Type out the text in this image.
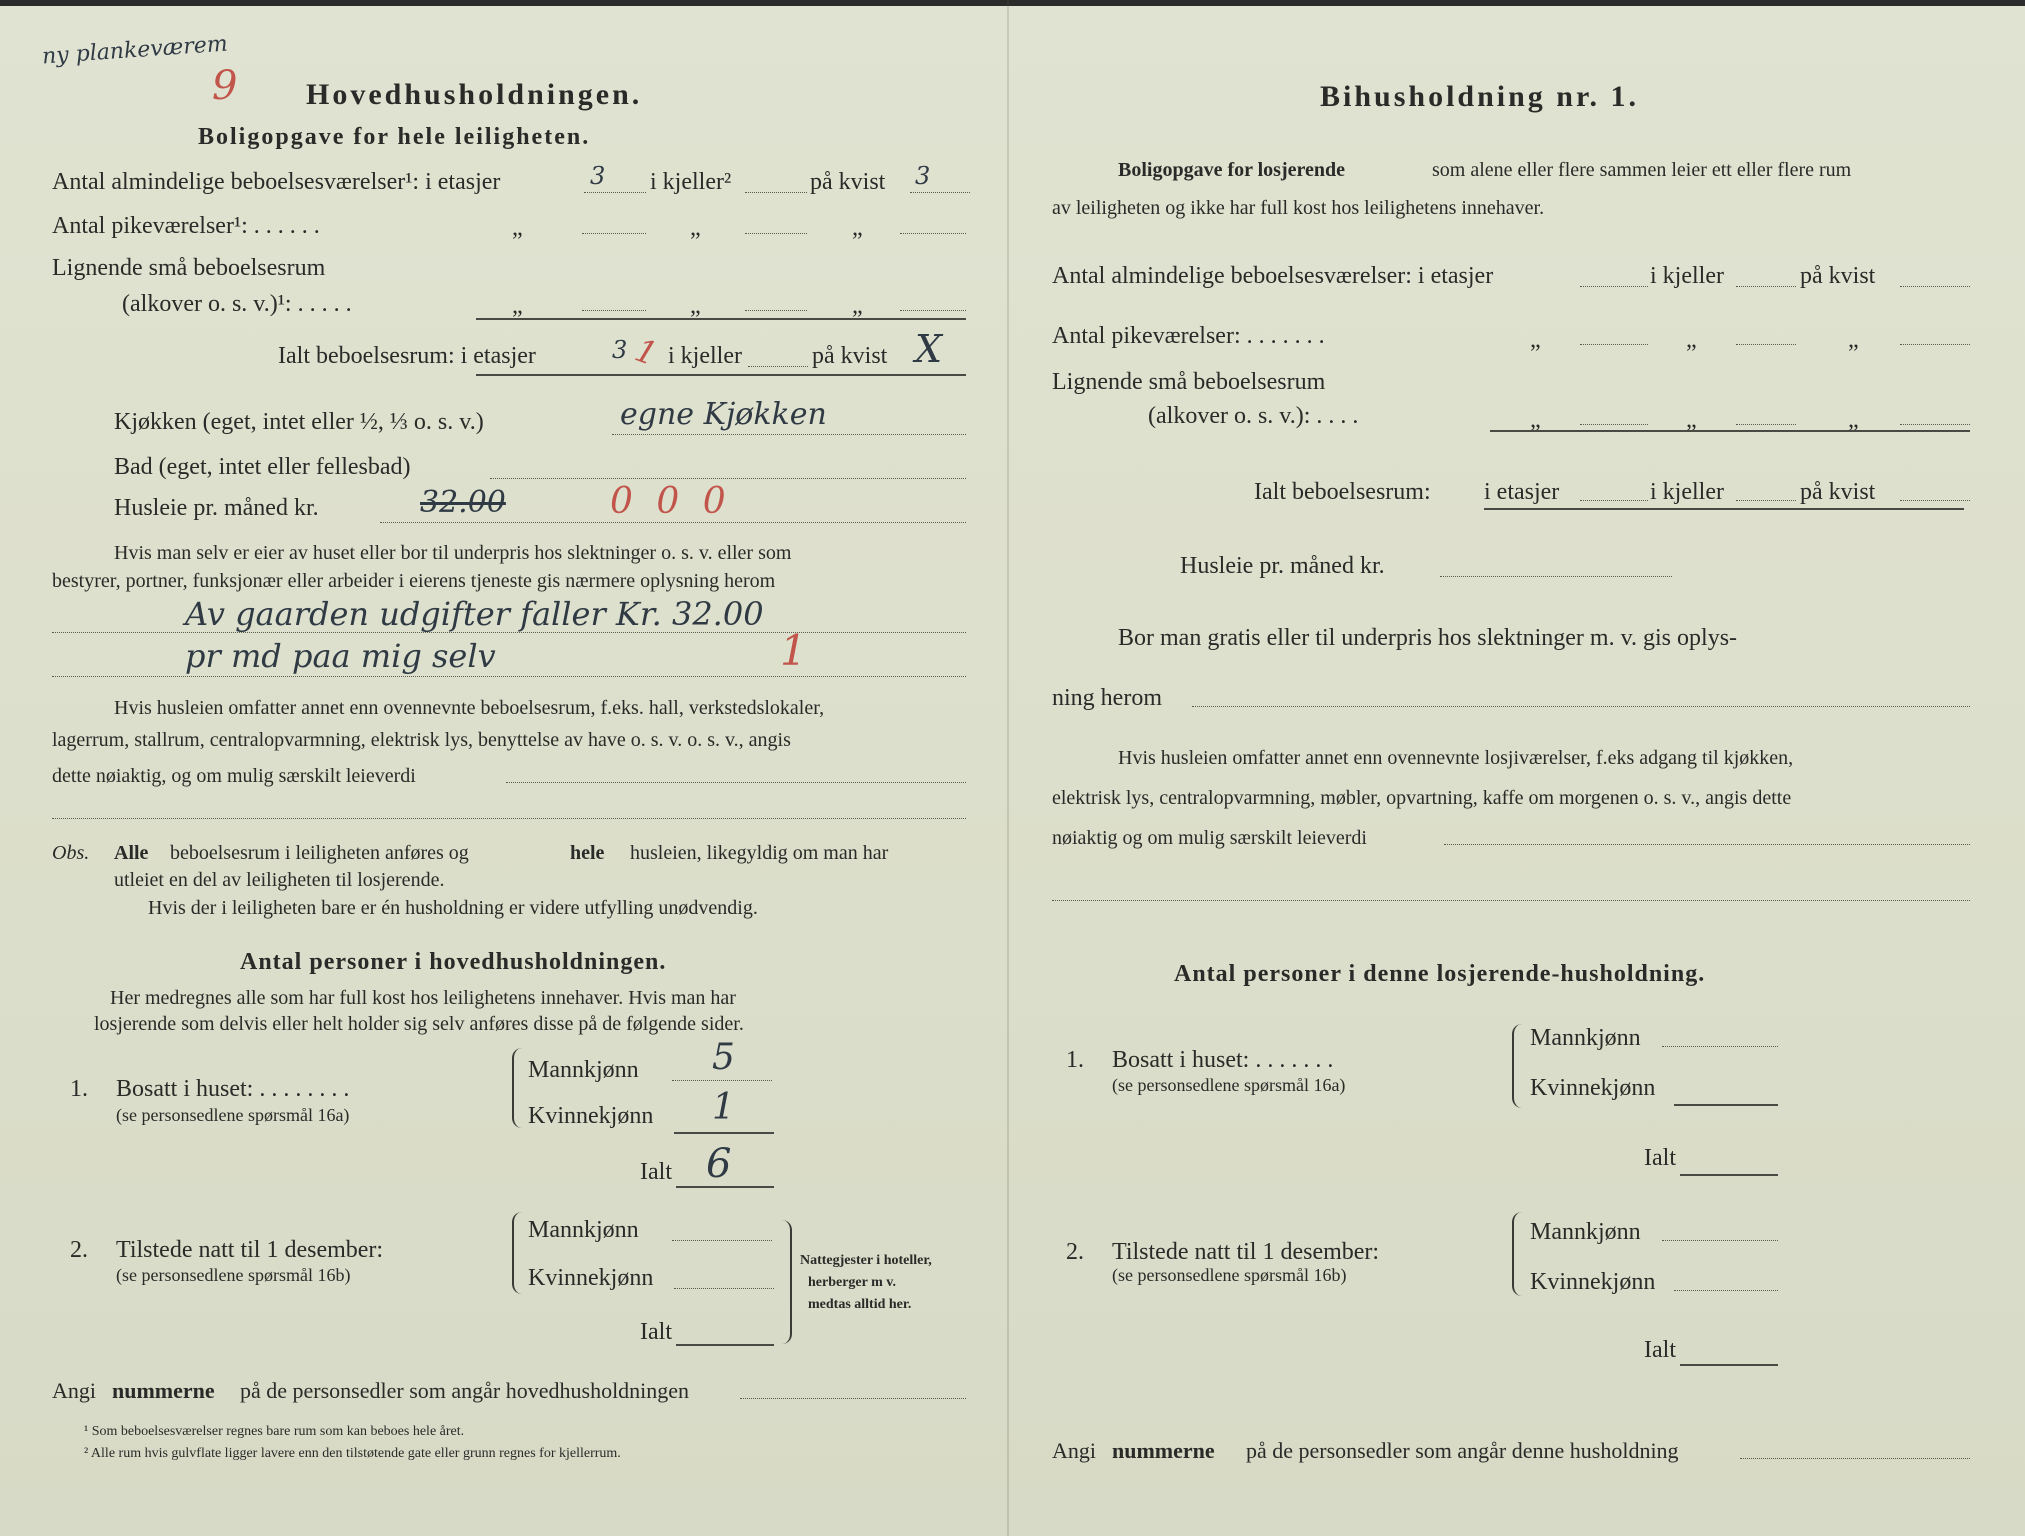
ny plankeværem
9 Hovedhusholdningen.
Boligopgave for hele leiligheten.
Antal almindelige beboelsesværelser¹: i etasjer	3 i kjeller²	på kvist 3
Antal pikeværelser¹: . . . . . .	„	„	„
Lignende små beboelsesrum
(alkover o. s. v.)¹: . . . . .	„	„	„
Ialt beboelsesrum: i etasjer	3 1 i kjeller	på kvist X
Kjøkken (eget, intet eller ½, ⅓ o. s. v.)	egne Kjøkken
Bad (eget, intet eller fellesbad)
Husleie pr. måned kr.	32.00	0 0 0
Hvis man selv er eier av huset eller bor til underpris hos slektninger o. s. v. eller som
bestyrer, portner, funksjonær eller arbeider i eierens tjeneste gis nærmere oplysning herom
Av gaarden udgifter faller Kr. 32.00
pr md paa mig selv	1
Hvis husleien omfatter annet enn ovennevnte beboelsesrum, f.eks. hall, verkstedslokaler,
lagerrum, stallrum, centralopvarmning, elektrisk lys, benyttelse av have o. s. v. o. s. v., angis
dette nøiaktig, og om mulig særskilt leieverdi
Obs. Alle beboelsesrum i leiligheten anføres og	hele husleien, likegyldig om man har
utleiet en del av leiligheten til losjerende.
Hvis der i leiligheten bare er én husholdning er videre utfylling unødvendig.
Antal personer i hovedhusholdningen.
Her medregnes alle som har full kost hos leilighetens innehaver. Hvis man har
losjerende som delvis eller helt holder sig selv anføres disse på de følgende sider.
1. Bosatt i huset: . . . . . . . .
(se personsedlene spørsmål 16a)
Mannkjønn 5
Kvinnekjønn 1
Ialt 6
2. Tilstede natt til 1 desember:
(se personsedlene spørsmål 16b)
Mannkjønn
Kvinnekjønn
Ialt
Nattegjester i hoteller,
herberger m v.
medtas alltid her.
Angi nummerne på de personsedler som angår hovedhusholdningen
¹ Som beboelsesværelser regnes bare rum som kan beboes hele året.
² Alle rum hvis gulvflate ligger lavere enn den tilstøtende gate eller grunn regnes for kjellerrum.
Bihusholdning nr. 1.
Boligopgave for losjerende	som alene eller flere sammen leier ett eller flere rum
av leiligheten og ikke har full kost hos leilighetens innehaver.
Antal almindelige beboelsesværelser: i etasjer	i kjeller	på kvist
Antal pikeværelser: . . . . . . .	„	„	„
Lignende små beboelsesrum
(alkover o. s. v.): . . . .	„	„	„
Ialt beboelsesrum: i etasjer	i kjeller	på kvist
Husleie pr. måned kr.
Bor man gratis eller til underpris hos slektninger m. v. gis oplys-
ning herom
Hvis husleien omfatter annet enn ovennevnte losjiværelser, f.eks adgang til kjøkken,
elektrisk lys, centralopvarmning, møbler, opvartning, kaffe om morgenen o. s. v., angis dette
nøiaktig og om mulig særskilt leieverdi
Antal personer i denne losjerende-husholdning.
1. Bosatt i huset: . . . . . . .
(se personsedlene spørsmål 16a)
Mannkjønn
Kvinnekjønn
Ialt
2. Tilstede natt til 1 desember:
(se personsedlene spørsmål 16b)
Mannkjønn
Kvinnekjønn
Ialt
Angi nummerne på de personsedler som angår denne husholdning
